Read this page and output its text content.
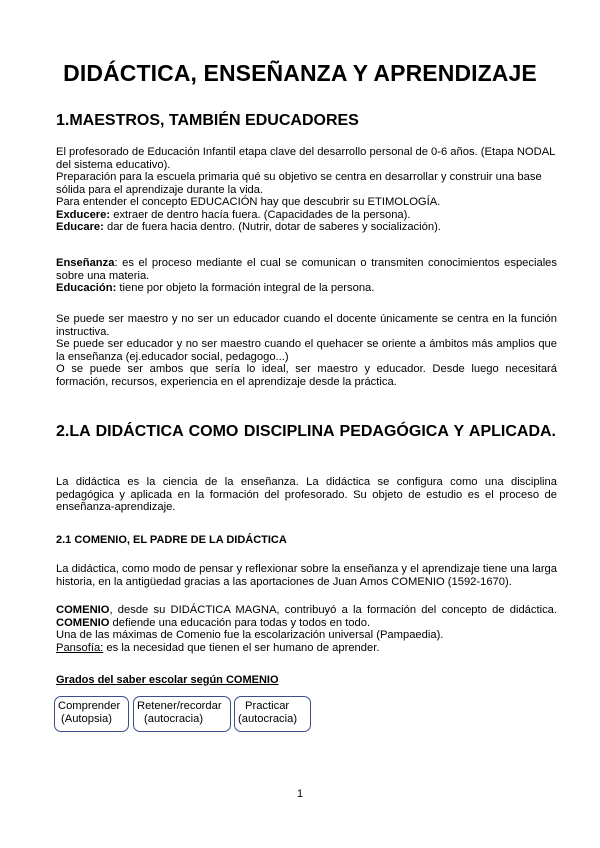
DIDÁCTICA, ENSEÑANZA Y APRENDIZAJE
1.MAESTROS, TAMBIÉN EDUCADORES

El profesorado de Educación Infantil etapa clave del desarrollo personal de 0-6 años. (Etapa NODAL del sistema educativo).
Preparación para la escuela primaria qué su objetivo se centra en desarrollar y construir una base sólida para el aprendizaje durante la vida.
Para entender el concepto EDUCACIÓN hay que descubrir su ETIMOLOGÍA.
Exducere: extraer de dentro hacía fuera. (Capacidades de la persona).
Educare: dar de fuera hacia dentro. (Nutrir, dotar de saberes y socialización).

Enseñanza: es el proceso mediante el cual se comunican o transmiten conocimientos especiales sobre una materia.
Educación: tiene por objeto la formación integral de la persona.

Se puede ser maestro y no ser un educador cuando el docente únicamente se centra en la función instructiva.
Se puede ser educador y no ser maestro cuando el quehacer se oriente a ámbitos más amplios que la enseñanza (ej.educador social, pedagogo...)
O se puede ser ambos que sería lo ideal, ser maestro y educador. Desde luego necesitará formación, recursos, experiencia en el aprendizaje desde la práctica.

2.LA DIDÁCTICA COMO DISCIPLINA PEDAGÓGICA Y APLICADA.

La didáctica es la ciencia de la enseñanza. La didáctica se configura como una disciplina pedagógica y aplicada en la formación del profesorado. Su objeto de estudio es el proceso de enseñanza-aprendizaje.

2.1 COMENIO, EL PADRE DE LA DIDÁCTICA

La didáctica, como modo de pensar y reflexionar sobre la enseñanza y el aprendizaje tiene una larga historia, en la antigüedad gracias a las aportaciones de Juan Amos COMENIO (1592-1670).

COMENIO, desde su DIDÁCTICA MAGNA, contribuyó a la formación del concepto de didáctica. COMENIO defiende una educación para todas y todos en todo.
Una de las máximas de Comenio fue la escolarización universal (Pampaedia).
Pansofía: es la necesidad que tienen el ser humano de aprender.

Grados del saber escolar según COMENIO

Comprender
(Autopsia)
Retener/recordar
(autocracia)
Practicar
(autocracia)

1
